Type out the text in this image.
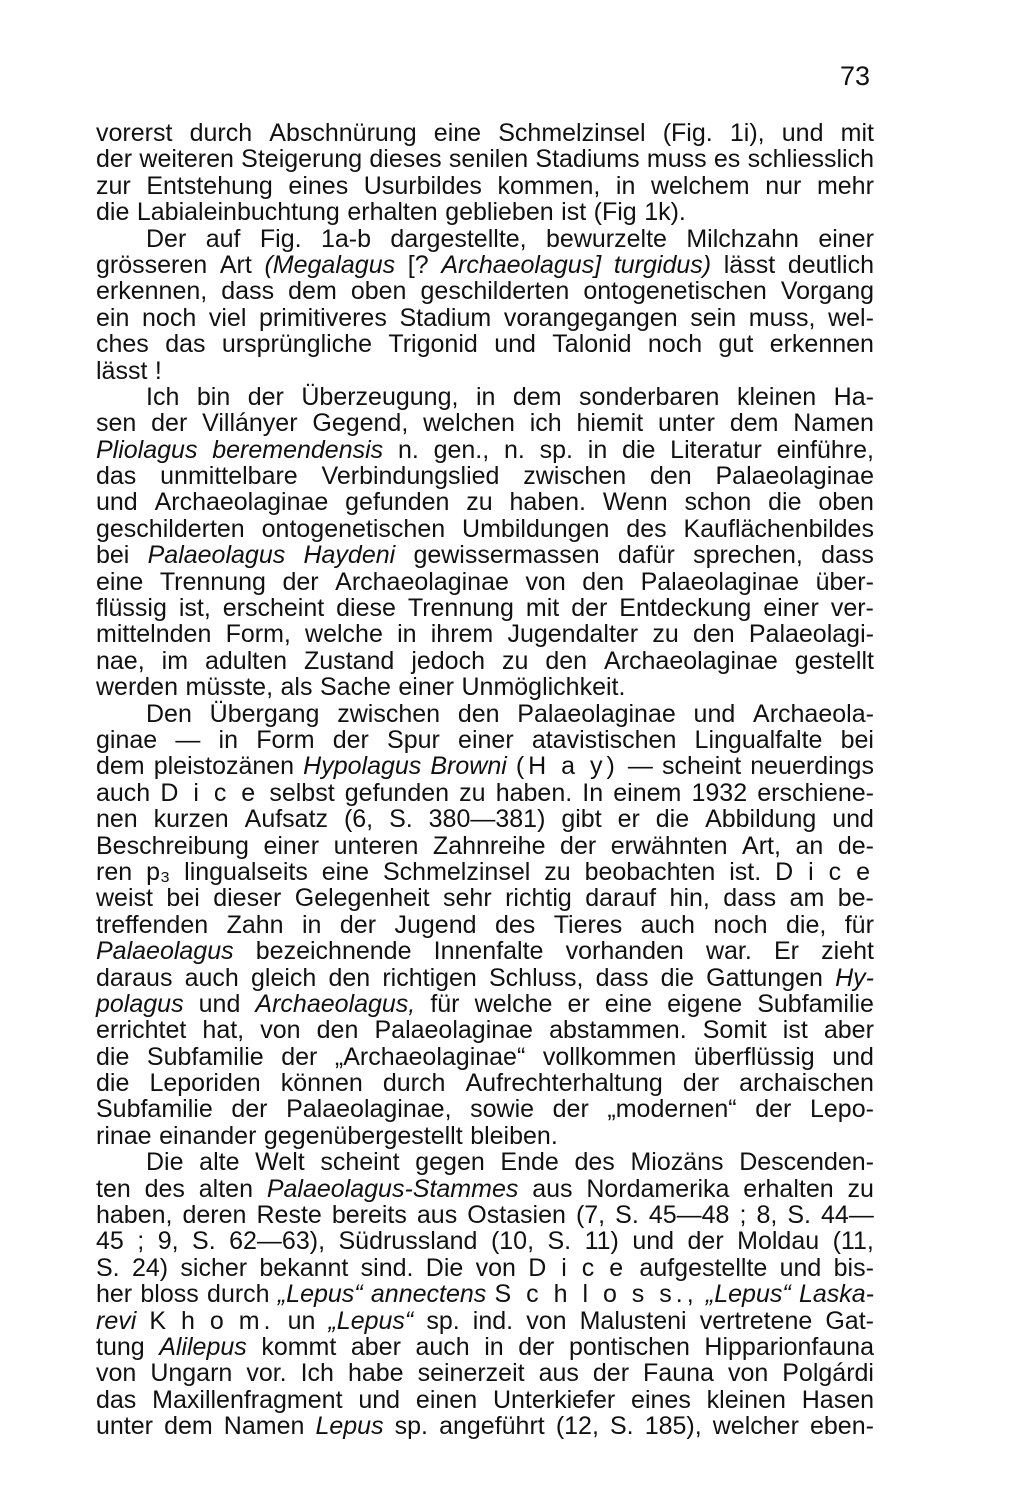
73
vorerst durch Abschnürung eine Schmelzinsel (Fig. 1i), und mit
der weiteren Steigerung dieses senilen Stadiums muss es schliesslich
zur Entstehung eines Usurbildes kommen, in welchem nur mehr
die Labialeinbuchtung erhalten geblieben ist (Fig 1k).
Der auf Fig. 1a-b dargestellte, bewurzelte Milchzahn einer
grösseren Art (Megalagus [? Archaeolagus] turgidus) lässt deutlich
erkennen, dass dem oben geschilderten ontogenetischen Vorgang
ein noch viel primitiveres Stadium vorangegangen sein muss, wel-
ches das ursprüngliche Trigonid und Talonid noch gut erkennen
lässt !
Ich bin der Überzeugung, in dem sonderbaren kleinen Ha-
sen der Villányer Gegend, welchen ich hiemit unter dem Namen
Pliolagus beremendensis n. gen., n. sp. in die Literatur einführe,
das unmittelbare Verbindungslied zwischen den Palaeolaginae
und Archaeolaginae gefunden zu haben. Wenn schon die oben
geschilderten ontogenetischen Umbildungen des Kauflächenbildes
bei Palaeolagus Haydeni gewissermassen dafür sprechen, dass
eine Trennung der Archaeolaginae von den Palaeolaginae über-
flüssig ist, erscheint diese Trennung mit der Entdeckung einer ver-
mittelnden Form, welche in ihrem Jugendalter zu den Palaeolagi-
nae, im adulten Zustand jedoch zu den Archaeolaginae gestellt
werden müsste, als Sache einer Unmöglichkeit.
Den Übergang zwischen den Palaeolaginae und Archaeola-
ginae — in Form der Spur einer atavistischen Lingualfalte bei
dem pleistozänen Hypolagus Browni (H a y) — scheint neuerdings
auch D i c e selbst gefunden zu haben. In einem 1932 erschiene-
nen kurzen Aufsatz (6, S. 380—381) gibt er die Abbildung und
Beschreibung einer unteren Zahnreihe der erwähnten Art, an de-
ren p₃ lingualseits eine Schmelzinsel zu beobachten ist. D i c e
weist bei dieser Gelegenheit sehr richtig darauf hin, dass am be-
treffenden Zahn in der Jugend des Tieres auch noch die, für
Palaeolagus bezeichnende Innenfalte vorhanden war. Er zieht
daraus auch gleich den richtigen Schluss, dass die Gattungen Hy-
polagus und Archaeolagus, für welche er eine eigene Subfamilie
errichtet hat, von den Palaeolaginae abstammen. Somit ist aber
die Subfamilie der „Archaeolaginae“ vollkommen überflüssig und
die Leporiden können durch Aufrechterhaltung der archaischen
Subfamilie der Palaeolaginae, sowie der „modernen“ der Lepo-
rinae einander gegenübergestellt bleiben.
Die alte Welt scheint gegen Ende des Miozäns Descenden-
ten des alten Palaeolagus-Stammes aus Nordamerika erhalten zu
haben, deren Reste bereits aus Ostasien (7, S. 45—48 ; 8, S. 44—
45 ; 9, S. 62—63), Südrussland (10, S. 11) und der Moldau (11,
S. 24) sicher bekannt sind. Die von D i c e aufgestellte und bis-
her bloss durch „Lepus“ annectens S c h l o s s., „Lepus“ Laska-
revi K h o m. un „Lepus“ sp. ind. von Malusteni vertretene Gat-
tung Alilepus kommt aber auch in der pontischen Hipparionfauna
von Ungarn vor. Ich habe seinerzeit aus der Fauna von Polgárdi
das Maxillenfragment und einen Unterkiefer eines kleinen Hasen
unter dem Namen Lepus sp. angeführt (12, S. 185), welcher eben-
